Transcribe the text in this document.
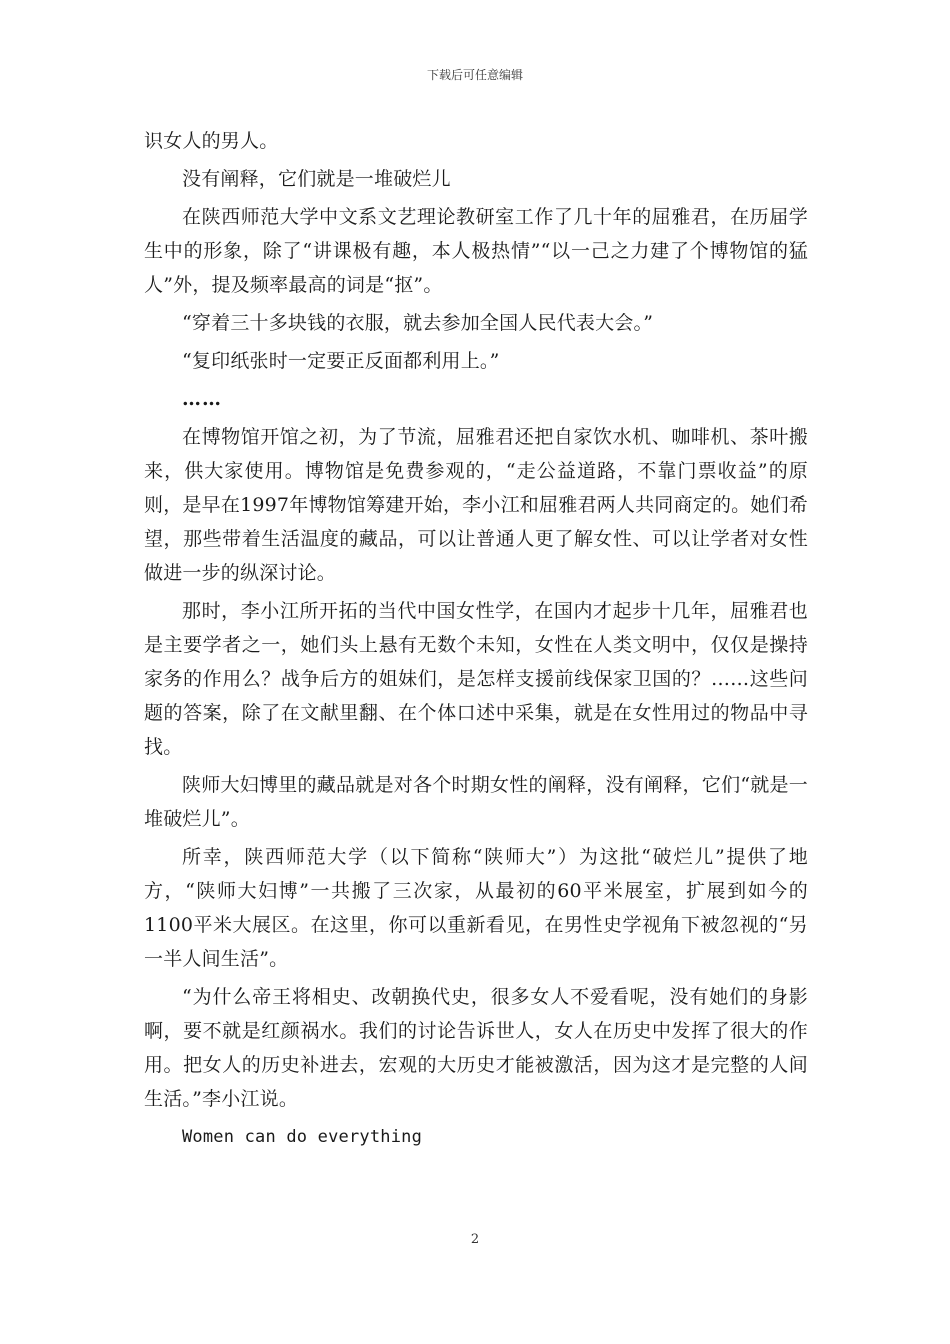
下载后可任意编辑

识女人的男人。

没有阐释，它们就是一堆破烂儿

在陕西师范大学中文系文艺理论教研室工作了几十年的屈雅君，在历届学生中的形象，除了“讲课极有趣，本人极热情”“以一己之力建了个博物馆的猛人”外，提及频率最高的词是“抠”。

“穿着三十多块钱的衣服，就去参加全国人民代表大会。”

“复印纸张时一定要正反面都利用上。”

……

在博物馆开馆之初，为了节流，屈雅君还把自家饮水机、咖啡机、茶叶搬来，供大家使用。博物馆是免费参观的，“走公益道路，不靠门票收益”的原则，是早在1997年博物馆筹建开始，李小江和屈雅君两人共同商定的。她们希望，那些带着生活温度的藏品，可以让普通人更了解女性、可以让学者对女性做进一步的纵深讨论。

那时，李小江所开拓的当代中国女性学，在国内才起步十几年，屈雅君也是主要学者之一，她们头上悬有无数个未知，女性在人类文明中，仅仅是操持家务的作用么？战争后方的姐妹们，是怎样支援前线保家卫国的？……这些问题的答案，除了在文献里翻、在个体口述中采集，就是在女性用过的物品中寻找。

陕师大妇博里的藏品就是对各个时期女性的阐释，没有阐释，它们“就是一堆破烂儿”。

所幸，陕西师范大学（以下简称“陕师大”）为这批“破烂儿”提供了地方，“陕师大妇博”一共搬了三次家，从最初的60平米展室，扩展到如今的1100平米大展区。在这里，你可以重新看见，在男性史学视角下被忽视的“另一半人间生活”。

“为什么帝王将相史、改朝换代史，很多女人不爱看呢，没有她们的身影啊，要不就是红颜祸水。我们的讨论告诉世人，女人在历史中发挥了很大的作用。把女人的历史补进去，宏观的大历史才能被激活，因为这才是完整的人间生活。”李小江说。

Women can do everything

2
